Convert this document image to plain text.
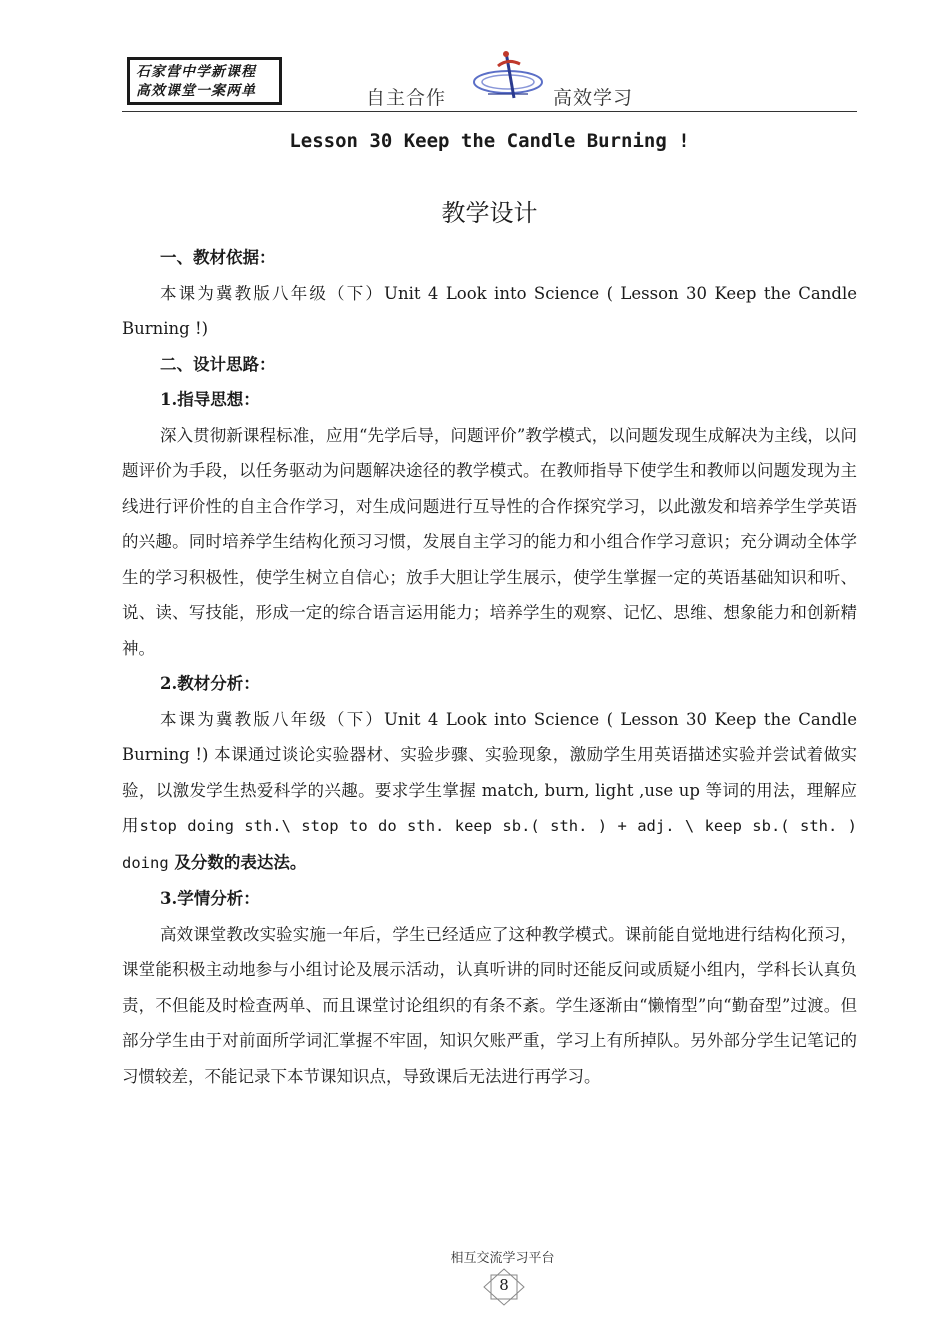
石家营中学新课程
高效课堂一案两单	自主合作	高效学习
Lesson 30 Keep the Candle Burning !
教学设计

一、教材依据：

本课为冀教版八年级（下）Unit 4 Look into Science ( Lesson 30 Keep the Candle Burning !)

二、设计思路：

1.指导思想：

深入贯彻新课程标准，应用“先学后导，问题评价”教学模式，以问题发现生成解决为主线，以问题评价为手段，以任务驱动为问题解决途径的教学模式。在教师指导下使学生和教师以问题发现为主线进行评价性的自主合作学习，对生成问题进行互导性的合作探究学习，以此激发和培养学生学英语的兴趣。同时培养学生结构化预习习惯，发展自主学习的能力和小组合作学习意识；充分调动全体学生的学习积极性，使学生树立自信心；放手大胆让学生展示，使学生掌握一定的英语基础知识和听、说、读、写技能，形成一定的综合语言运用能力；培养学生的观察、记忆、思维、想象能力和创新精神。

2.教材分析：

本课为冀教版八年级（下）Unit 4 Look into Science ( Lesson 30 Keep the Candle Burning !) 本课通过谈论实验器材、实验步骤、实验现象，激励学生用英语描述实验并尝试着做实验，以激发学生热爱科学的兴趣。要求学生掌握 match, burn, light ,use up 等词的用法，理解应用stop doing sth.\ stop to do sth. keep sb.( sth. ) + adj. \ keep sb.( sth. ) doing 及分数的表达法。

3.学情分析：

高效课堂教改实验实施一年后，学生已经适应了这种教学模式。课前能自觉地进行结构化预习，课堂能积极主动地参与小组讨论及展示活动，认真听讲的同时还能反问或质疑小组内，学科长认真负责，不但能及时检查两单、而且课堂讨论组织的有条不紊。学生逐渐由“懒惰型”向“勤奋型”过渡。但部分学生由于对前面所学词汇掌握不牢固，知识欠账严重，学习上有所掉队。另外部分学生记笔记的习惯较差，不能记录下本节课知识点，导致课后无法进行再学习。

相互交流学习平台
8
